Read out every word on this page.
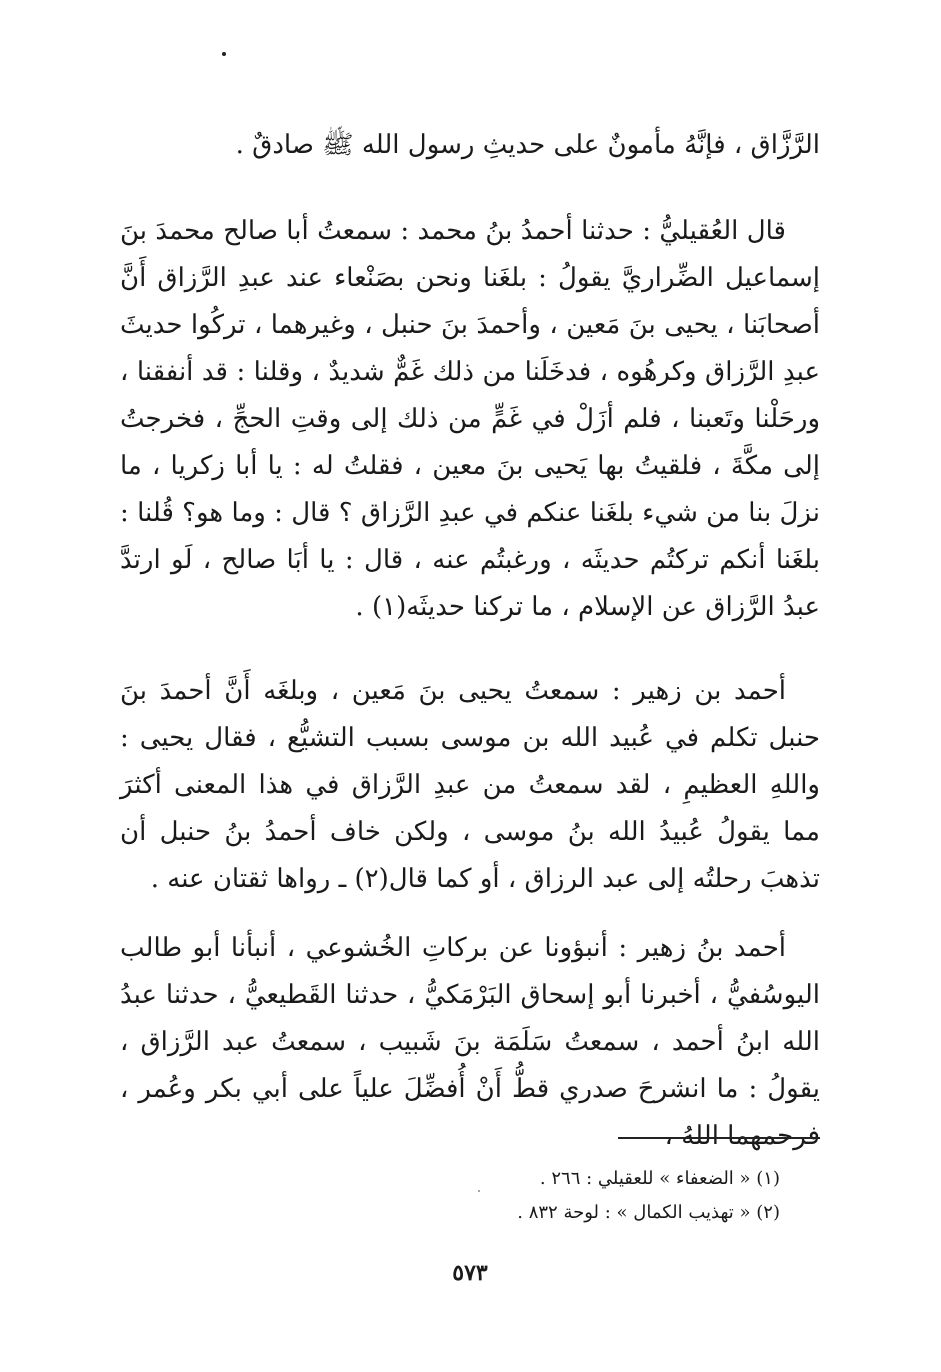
الرَّزَّاق ، فإنَّهُ مأمونٌ على حديثِ رسول الله ﷺ صادقٌ .

قال العُقيليُّ : حدثنا أحمدُ بنُ محمد : سمعتُ أبا صالح محمدَ بنَ إسماعيل الضِّراريَّ يقولُ : بلغَنا ونحن بصَنْعاء عند عبدِ الرَّزاق أَنَّ أصحابَنا ، يحيى بنَ مَعين ، وأحمدَ بنَ حنبل ، وغيرهما ، تركُوا حديثَ عبدِ الرَّزاق وكرهُوه ، فدخَلَنا من ذلك غَمٌّ شديدٌ ، وقلنا : قد أنفقنا ، ورحَلْنا وتَعبنا ، فلم أزَلْ في غَمٍّ من ذلك إلى وقتِ الحجِّ ، فخرجتُ إلى مكَّةَ ، فلقيتُ بها يَحيى بنَ معين ، فقلتُ له : يا أبا زكريا ، ما نزلَ بنا من شيء بلغَنا عنكم في عبدِ الرَّزاق ؟ قال : وما هو؟ قُلنا : بلغَنا أنكم تركتُم حديثَه ، ورغبتُم عنه ، قال : يا أبَا صالح ، لَو ارتدَّ عبدُ الرَّزاق عن الإسلام ، ما تركنا حديثَه(١) .

أحمد بن زهير : سمعتُ يحيى بنَ مَعين ، وبلغَه أَنَّ أحمدَ بنَ حنبل تكلم في عُبيد الله بن موسى بسبب التشيُّع ، فقال يحيى : واللهِ العظيمِ ، لقد سمعتُ من عبدِ الرَّزاق في هذا المعنى أكثرَ مما يقولُ عُبيدُ الله بنُ موسى ، ولكن خاف أحمدُ بنُ حنبل أن تذهبَ رحلتُه إلى عبد الرزاق ، أو كما قال(٢) ـ رواها ثقتان عنه .

أحمد بنُ زهير : أنبؤونا عن بركاتِ الخُشوعي ، أنبأنا أبو طالب اليوسُفيُّ ، أخبرنا أبو إسحاق البَرْمَكيُّ ، حدثنا القَطيعيُّ ، حدثنا عبدُ الله ابنُ أحمد ، سمعتُ سَلَمَة بنَ شَبيب ، سمعتُ عبد الرَّزاق ، يقولُ : ما انشرحَ صدري قطُّ أَنْ أُفضِّلَ علياً على أبي بكر وعُمر ، فرحمهما اللهُ ،

(١) « الضعفاء » للعقيلي : ٢٦٦ .

(٢) « تهذيب الكمال » : لوحة ٨٣٢ .

٥٧٣
